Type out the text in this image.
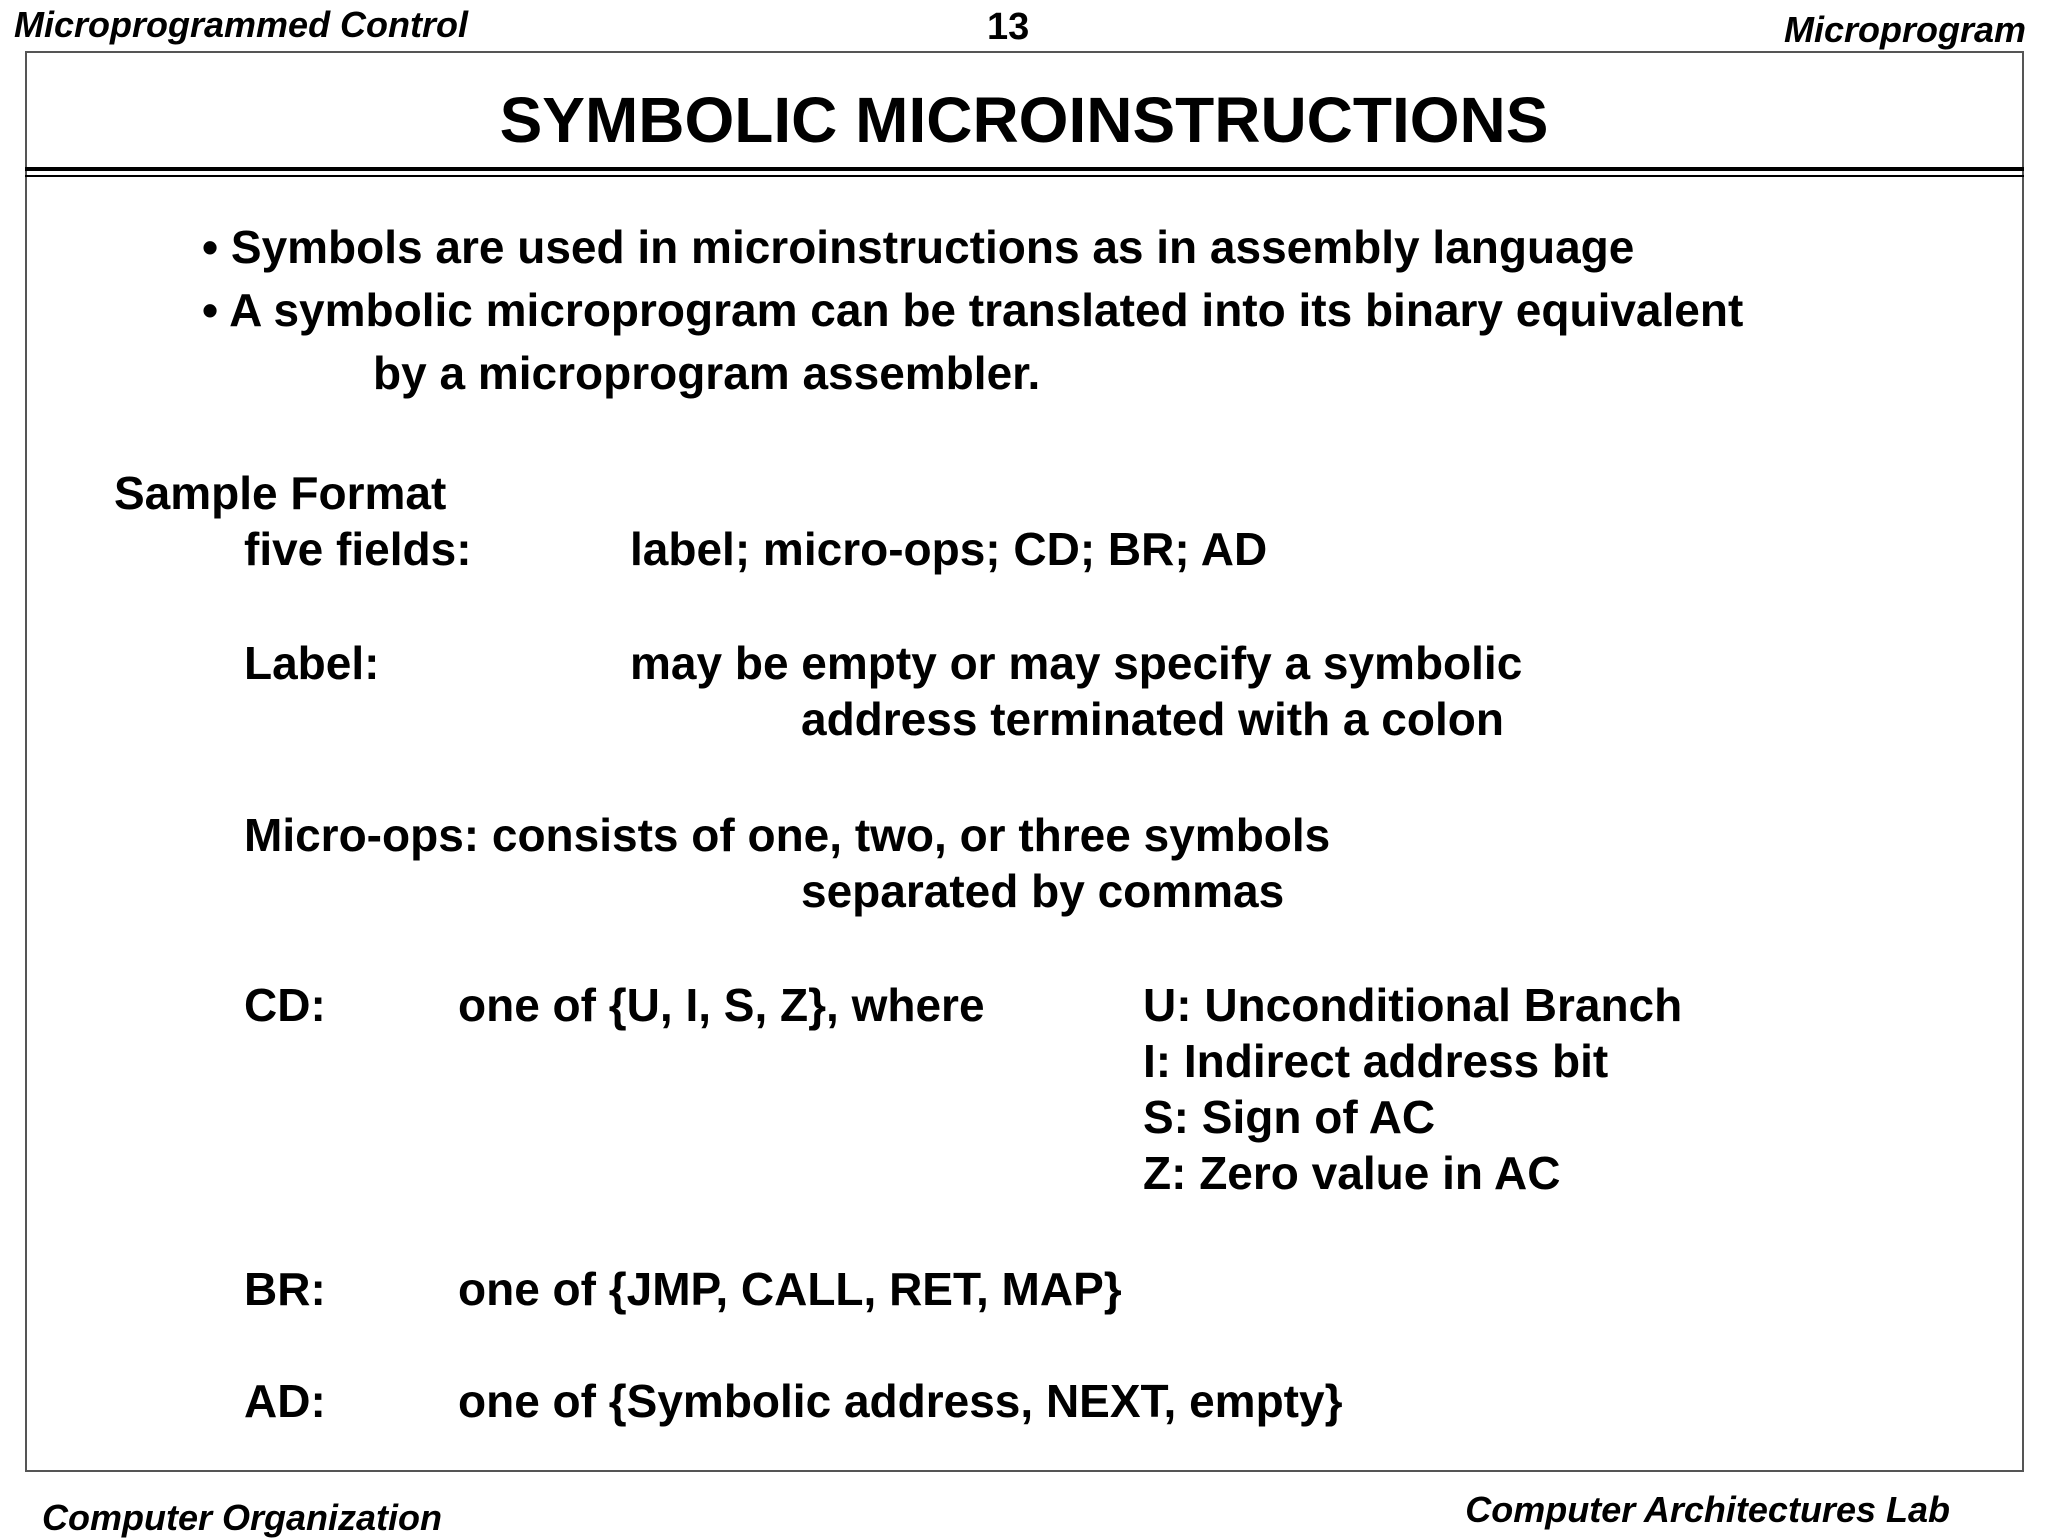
Microprogrammed Control	13	Microprogram
SYMBOLIC MICROINSTRUCTIONS
• Symbols are used in microinstructions as in assembly language
• A symbolic microprogram can be translated into its binary equivalent
by a microprogram assembler.
Sample Format
five fields:	label; micro-ops; CD; BR; AD
Label:	may be empty or may specify a symbolic
address terminated with a colon
Micro-ops: consists of one, two, or three symbols
separated by commas
CD:	one of {U, I, S, Z}, where	U: Unconditional Branch
I: Indirect address bit
S: Sign of AC
Z: Zero value in AC
BR:	one of {JMP, CALL, RET, MAP}
AD:	one of {Symbolic address, NEXT, empty}
Computer Organization	Computer Architectures Lab
